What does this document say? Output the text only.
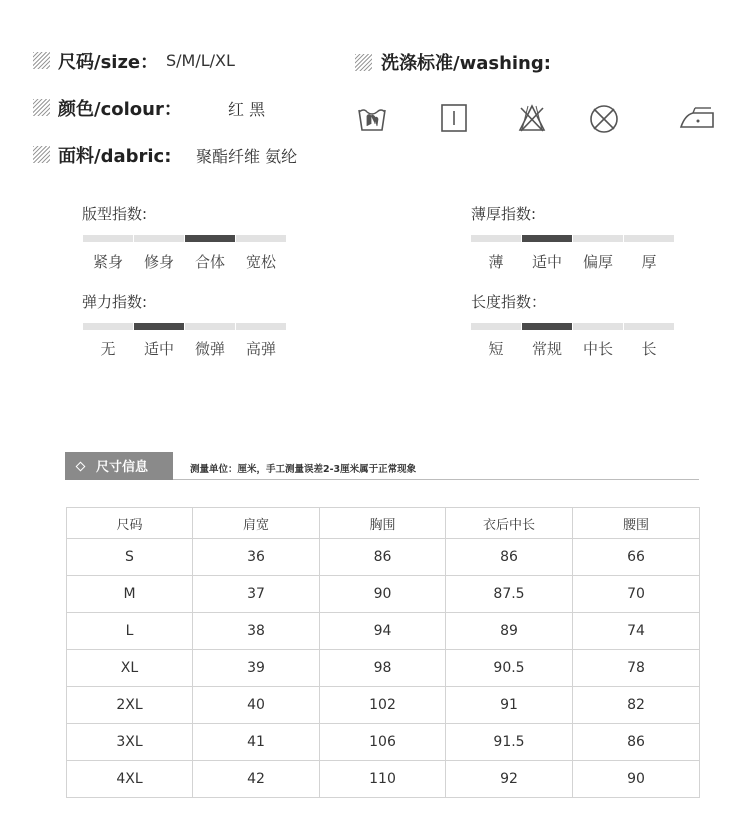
尺码/size： S/M/L/XL
颜色/colour：	红 黑
面料/dabric: 聚酯纤维 氨纶
洗涤标准/washing:
版型指数:
紧身	修身	合体	宽松
薄厚指数:
薄	适中	偏厚	厚
弹力指数:
无	适中	微弹	高弹
长度指数：
短	常规	中长	长
尺寸信息	测量单位：厘米，手工测量误差2-3厘米属于正常现象
尺码	肩宽	胸围	衣后中长	腰围
S	36	86	86	66
M	37	90	87.5	70
L	38	94	89	74
XL	39	98	90.5	78
2XL	40	102	91	82
3XL	41	106	91.5	86
4XL	42	110	92	90
